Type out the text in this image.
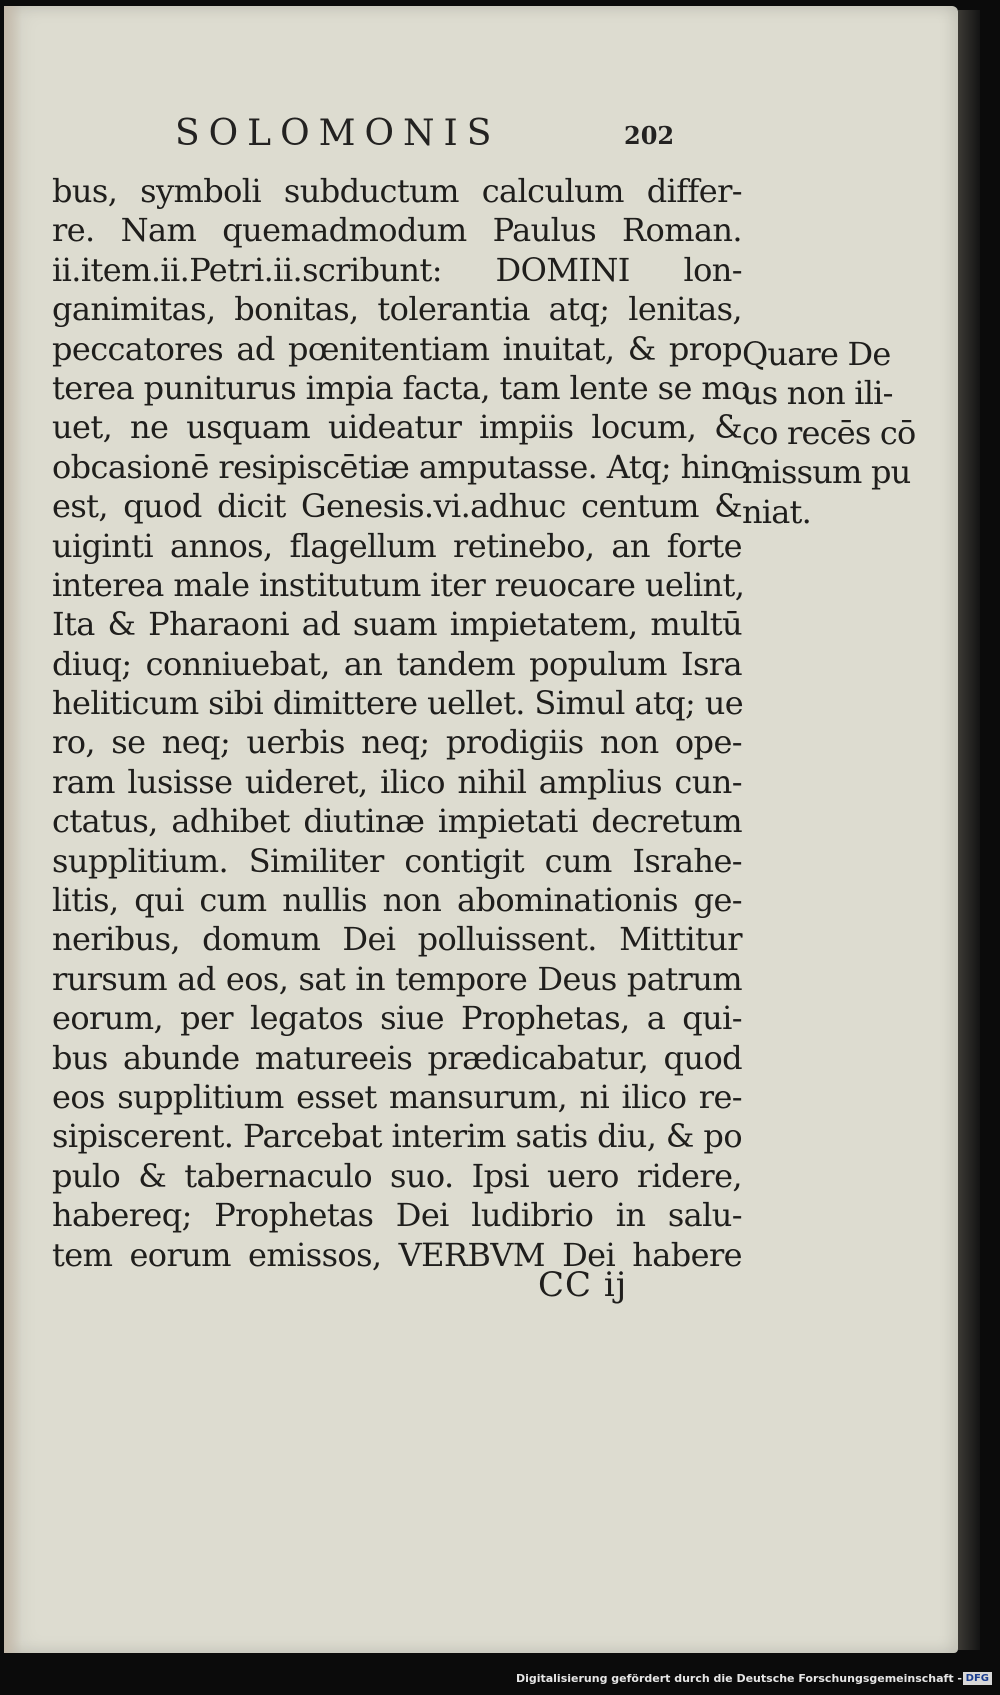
SOLOMONIS	202
bus, symboli subductum calculum differ-
re. Nam quemadmodum Paulus Roman.
ii.item.ii.Petri.ii.scribunt: DOMINI lon-
ganimitas, bonitas, tolerantia atq; lenitas,
peccatores ad pœnitentiam inuitat, & prop
terea puniturus impia facta, tam lente se mo
uet, ne usquam uideatur impiis locum, &
obcasionē resipiscētiæ amputasse. Atq; hinc
est, quod dicit Genesis.vi.adhuc centum &
uiginti annos, flagellum retinebo, an forte
interea male institutum iter reuocare uelint,
Ita & Pharaoni ad suam impietatem, multū
diuq; conniuebat, an tandem populum Isra
heliticum sibi dimittere uellet. Simul atq; ue
ro, se neq; uerbis neq; prodigiis non ope-
ram lusisse uideret, ilico nihil amplius cun-
ctatus, adhibet diutinæ impietati decretum
supplitium. Similiter contigit cum Israhe-
litis, qui cum nullis non abominationis ge-
neribus, domum Dei polluissent. Mittitur
rursum ad eos, sat in tempore Deus patrum
eorum, per legatos siue Prophetas, a qui-
bus abunde matureeis prædicabatur, quod
eos supplitium esset mansurum, ni ilico re-
sipiscerent. Parcebat interim satis diu, & po
pulo & tabernaculo suo. Ipsi uero ridere,
habereq; Prophetas Dei ludibrio in salu-
tem eorum emissos, VERBVM Dei habere
CC ij
Quare De
us non ili-
co recēs cō
missum pu
niat.
Digitalisierung gefördert durch die Deutsche Forschungsgemeinschaft - DFG
